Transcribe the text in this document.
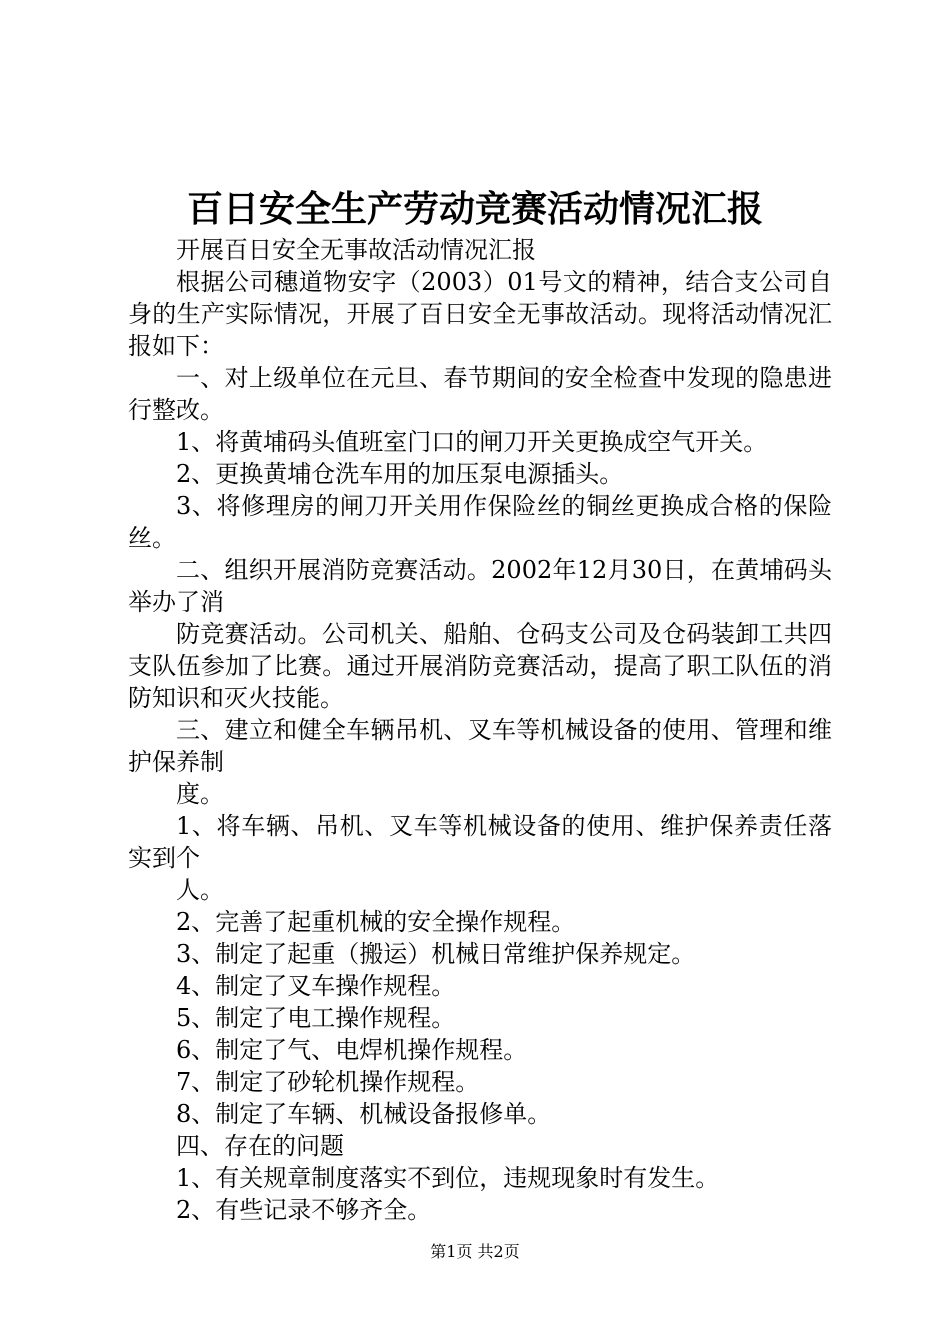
百日安全生产劳动竞赛活动情况汇报

开展百日安全无事故活动情况汇报

根据公司穗道物安字（2003）01号文的精神，结合支公司自身的生产实际情况，开展了百日安全无事故活动。现将活动情况汇报如下：

一、对上级单位在元旦、春节期间的安全检查中发现的隐患进行整改。

1、将黄埔码头值班室门口的闸刀开关更换成空气开关。

2、更换黄埔仓洗车用的加压泵电源插头。

3、将修理房的闸刀开关用作保险丝的铜丝更换成合格的保险丝。

二、组织开展消防竞赛活动。2002年12月30日，在黄埔码头举办了消

防竞赛活动。公司机关、船舶、仓码支公司及仓码装卸工共四支队伍参加了比赛。通过开展消防竞赛活动，提高了职工队伍的消防知识和灭火技能。

三、建立和健全车辆吊机、叉车等机械设备的使用、管理和维护保养制

度。

1、将车辆、吊机、叉车等机械设备的使用、维护保养责任落实到个

人。

2、完善了起重机械的安全操作规程。

3、制定了起重（搬运）机械日常维护保养规定。

4、制定了叉车操作规程。

5、制定了电工操作规程。

6、制定了气、电焊机操作规程。

7、制定了砂轮机操作规程。

8、制定了车辆、机械设备报修单。

四、存在的问题

1、有关规章制度落实不到位，违规现象时有发生。

2、有些记录不够齐全。

第1页 共2页
